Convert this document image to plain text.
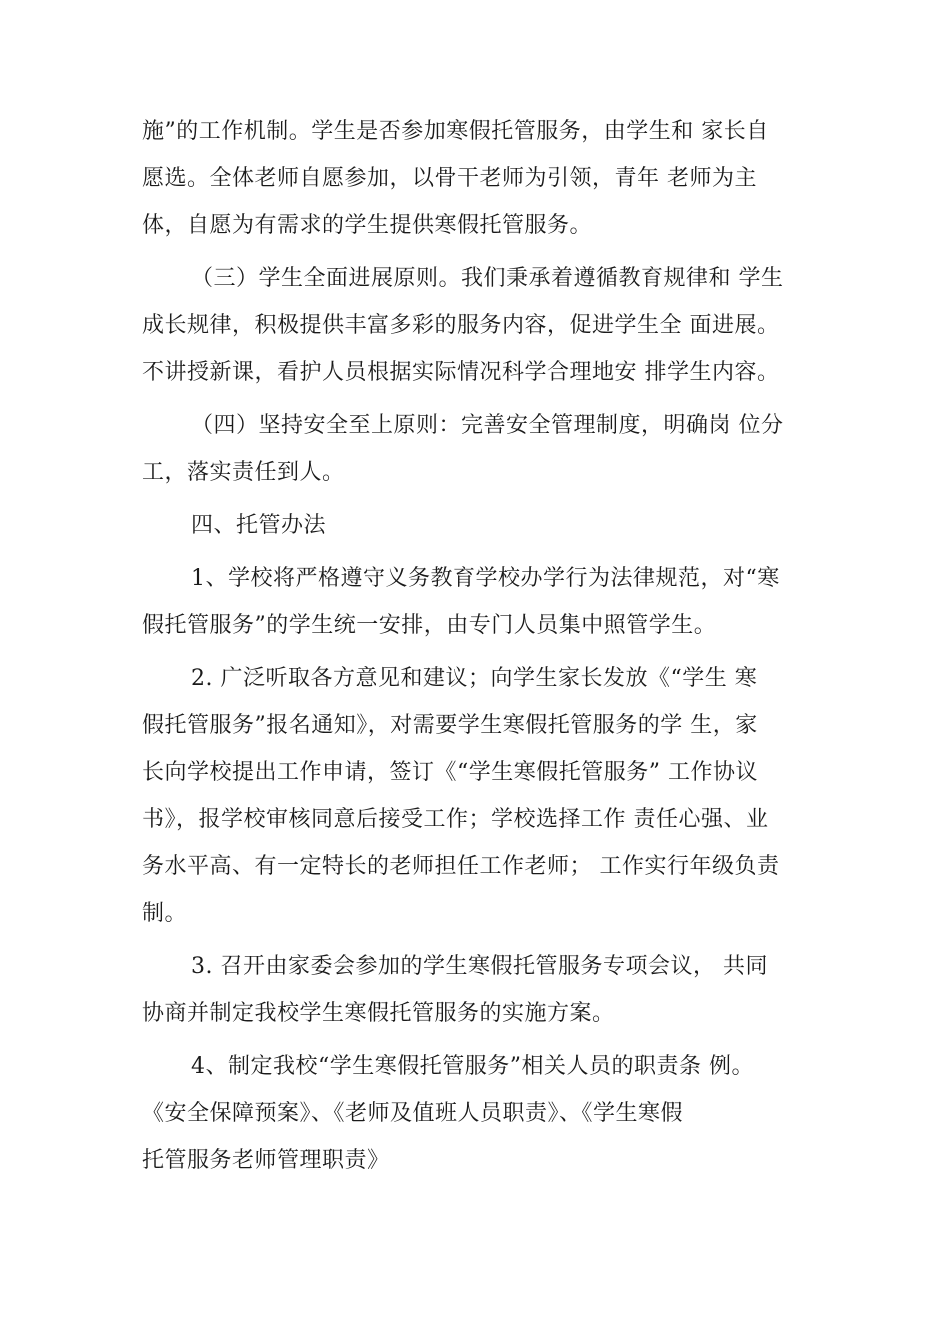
施”的工作机制。学生是否参加寒假托管服务，由学生和 家长自
愿选。全体老师自愿参加，以骨干老师为引领，青年 老师为主
体，自愿为有需求的学生提供寒假托管服务。

（三）学生全面进展原则。我们秉承着遵循教育规律和 学生
成长规律，积极提供丰富多彩的服务内容，促进学生全 面进展。
不讲授新课，看护人员根据实际情况科学合理地安 排学生内容。

（四）坚持安全至上原则：完善安全管理制度，明确岗 位分
工，落实责任到人。

四、托管办法

1、学校将严格遵守义务教育学校办学行为法律规范，对“寒
假托管服务”的学生统一安排，由专门人员集中照管学生。

2. 广泛听取各方意见和建议；向学生家长发放《“学生 寒
假托管服务”报名通知》，对需要学生寒假托管服务的学 生，家
长向学校提出工作申请，签订《“学生寒假托管服务” 工作协议
书》，报学校审核同意后接受工作；学校选择工作 责任心强、业
务水平高、有一定特长的老师担任工作老师； 工作实行年级负责
制。

3. 召开由家委会参加的学生寒假托管服务专项会议， 共同
协商并制定我校学生寒假托管服务的实施方案。

4、制定我校“学生寒假托管服务”相关人员的职责条 例。
《安全保障预案》、《老师及值班人员职责》、《学生寒假
托管服务老师管理职责》
